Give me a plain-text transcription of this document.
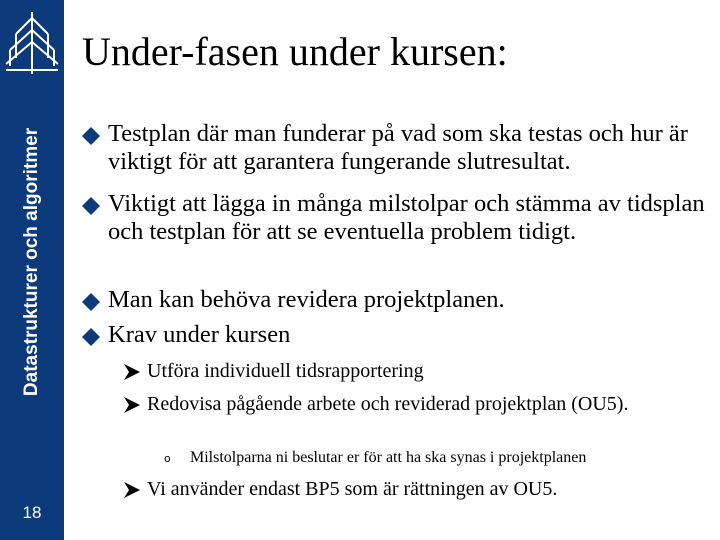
Datastrukturer och algoritmer
18
Under-fasen under kursen:
Testplan där man funderar på vad som ska testas och hur är viktigt för att garantera fungerande slutresultat.
Viktigt att lägga in många milstolpar och stämma av tidsplan och testplan för att se eventuella problem tidigt.
Man kan behöva revidera projektplanen.
Krav under kursen
Utföra individuell tidsrapportering
Redovisa pågående arbete och reviderad projektplan (OU5).
o Milstolparna ni beslutar er för att ha ska synas i projektplanen
Vi använder endast BP5 som är rättningen av OU5.
